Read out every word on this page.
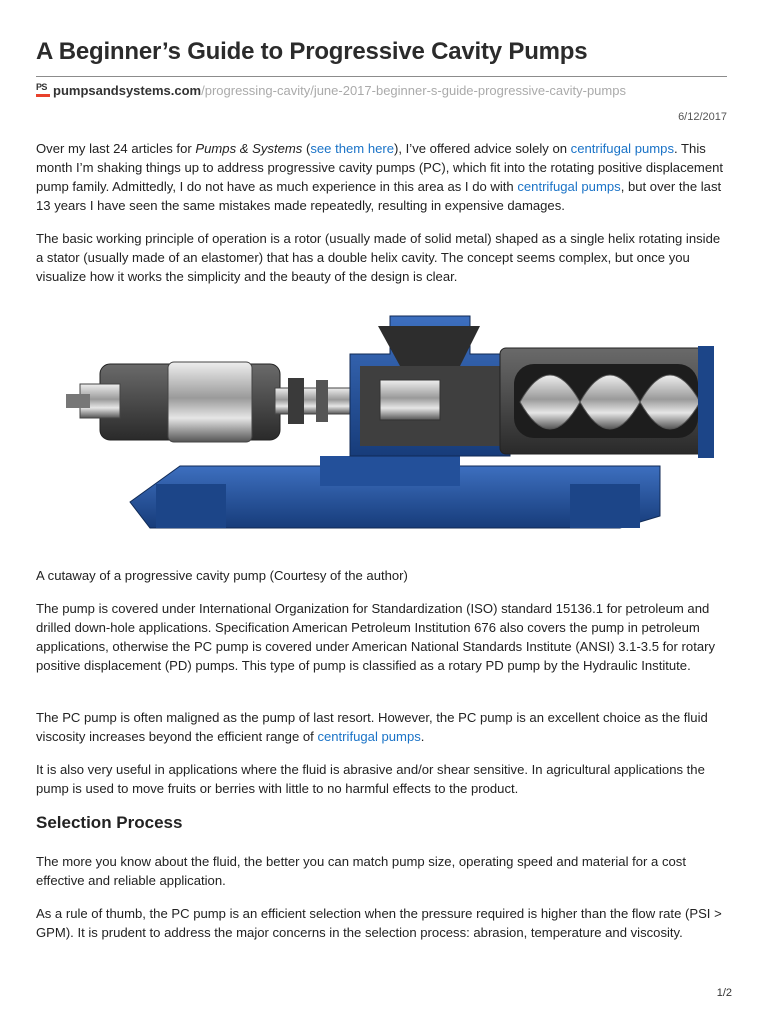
A Beginner’s Guide to Progressive Cavity Pumps
PS pumpsandsystems.com/progressing-cavity/june-2017-beginner-s-guide-progressive-cavity-pumps
6/12/2017

Over my last 24 articles for Pumps & Systems (see them here), I’ve offered advice solely on centrifugal pumps. This month I’m shaking things up to address progressive cavity pumps (PC), which fit into the rotating positive displacement pump family. Admittedly, I do not have as much experience in this area as I do with centrifugal pumps, but over the last 13 years I have seen the same mistakes made repeatedly, resulting in expensive damages.

The basic working principle of operation is a rotor (usually made of solid metal) shaped as a single helix rotating inside a stator (usually made of an elastomer) that has a double helix cavity. The concept seems complex, but once you visualize how it works the simplicity and the beauty of the design is clear.

A cutaway of a progressive cavity pump (Courtesy of the author)

The pump is covered under International Organization for Standardization (ISO) standard 15136.1 for petroleum and drilled down-hole applications. Specification American Petroleum Institution 676 also covers the pump in petroleum applications, otherwise the PC pump is covered under American National Standards Institute (ANSI) 3.1-3.5 for rotary positive displacement (PD) pumps. This type of pump is classified as a rotary PD pump by the Hydraulic Institute.

The PC pump is often maligned as the pump of last resort. However, the PC pump is an excellent choice as the fluid viscosity increases beyond the efficient range of centrifugal pumps.

It is also very useful in applications where the fluid is abrasive and/or shear sensitive. In agricultural applications the pump is used to move fruits or berries with little to no harmful effects to the product.

Selection Process

The more you know about the fluid, the better you can match pump size, operating speed and material for a cost effective and reliable application.

As a rule of thumb, the PC pump is an efficient selection when the pressure required is higher than the flow rate (PSI > GPM). It is prudent to address the major concerns in the selection process: abrasion, temperature and viscosity.

1/2
